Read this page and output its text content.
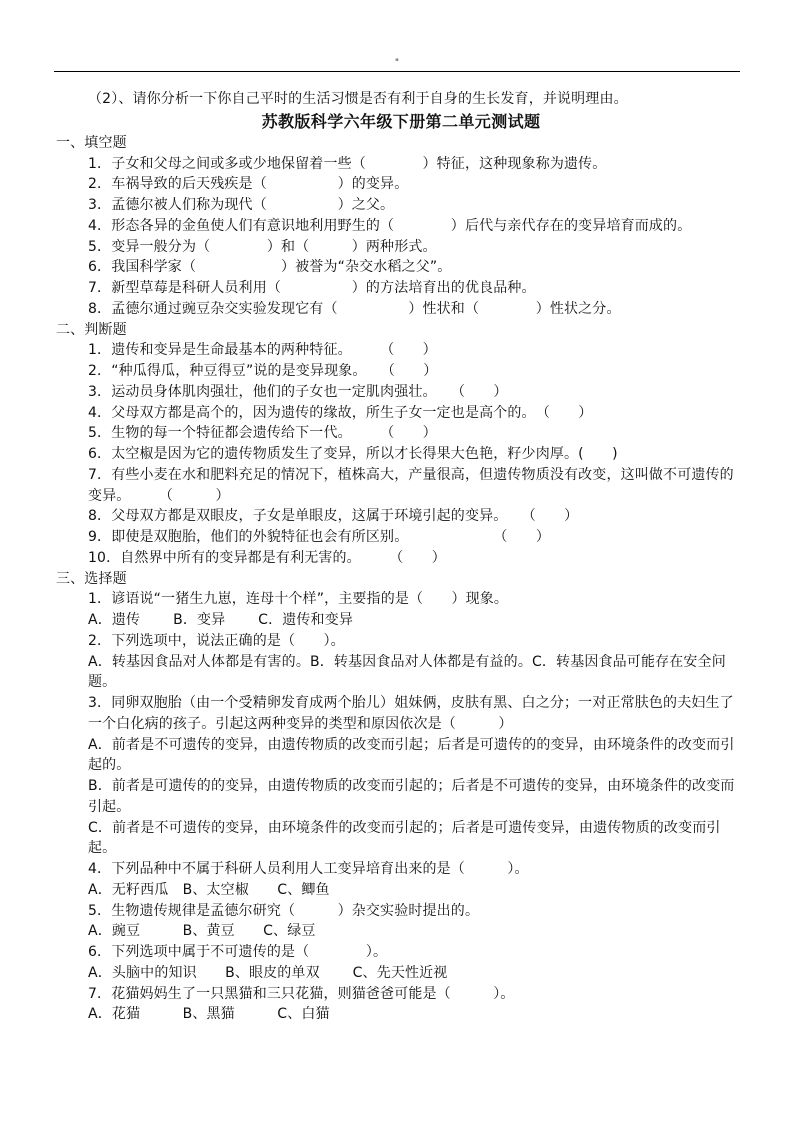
"
（2）、请你分析一下你自己平时的生活习惯是否有利于自身的生长发育，并说明理由。
苏教版科学六年级下册第二单元测试题
一、填空题
1．子女和父母之间或多或少地保留着一些（　　　　）特征，这种现象称为遗传。
2．车祸导致的后天残疾是（　　　　　）的变异。
3．孟德尔被人们称为现代（　　　　　）之父。
4．形态各异的金鱼使人们有意识地利用野生的（　　　　）后代与亲代存在的变异培育而成的。
5．变异一般分为（　　　　）和（　　　）两种形式。
6．我国科学家（　　　　　　）被誉为“杂交水稻之父”。
7．新型草莓是科研人员利用（　　　　　）的方法培育出的优良品种。
8．孟德尔通过豌豆杂交实验发现它有（　　　　　）性状和（　　　　）性状之分。
二、判断题
1．遗传和变异是生命最基本的两种特征。　　　（　　）
2．“种瓜得瓜，种豆得豆”说的是变异现象。　　（　　）
3．运动员身体肌肉强壮，他们的子女也一定肌肉强壮。　　（　　）
4．父母双方都是高个的，因为遗传的缘故，所生子女一定也是高个的。　（　　）
5．生物的每一个特征都会遗传给下一代。　　　（　　）
6．太空椒是因为它的遗传物质发生了变异，所以才长得果大色艳，籽少肉厚。(　　)
7．有些小麦在水和肥料充足的情况下，植株高大，产量很高，但遗传物质没有改变，这叫做不可遗传的变异。　　　（　　　）
8．父母双方都是双眼皮，子女是单眼皮，这属于环境引起的变异。　　（　　）
9．即使是双胞胎，他们的外貌特征也会有所区别。　　　　　　　（　　）
10．自然界中所有的变异都是有利无害的。　　　（　　）
三、选择题
1．谚语说“一猪生九崽，连母十个样”，主要指的是（　　）现象。
A．遗传　　 B．变异　　 C．遗传和变异
2．下列选项中，说法正确的是（　　）。
A．转基因食品对人体都是有害的。B．转基因食品对人体都是有益的。C．转基因食品可能存在安全问题。
3．同卵双胞胎（由一个受精卵发育成两个胎儿）姐妹俩，皮肤有黑、白之分；一对正常肤色的夫妇生了一个白化病的孩子。引起这两种变异的类型和原因依次是（　　　）
A．前者是不可遗传的变异，由遗传物质的改变而引起；后者是可遗传的的变异，由环境条件的改变而引起的。
B．前者是可遗传的的变异，由遗传物质的改变而引起的；后者是不可遗传的变异，由环境条件的改变而引起。
C．前者是不可遗传的变异，由环境条件的改变而引起的；后者是可遗传变异，由遗传物质的改变而引起。
4．下列品种中不属于科研人员利用人工变异培育出来的是（　　　）。
A．无籽西瓜　B、太空椒　　C、鲫鱼
5．生物遗传规律是孟德尔研究（　　　）杂交实验时提出的。
A．豌豆　　　B、黄豆　　C、绿豆
6．下列选项中属于不可遗传的是（　　　　）。
A．头脑中的知识　　B、眼皮的单双　　 C、先天性近视
7．花猫妈妈生了一只黑猫和三只花猫，则猫爸爸可能是（　　　）。
A．花猫　　　B、黑猫　　　C、白猫
